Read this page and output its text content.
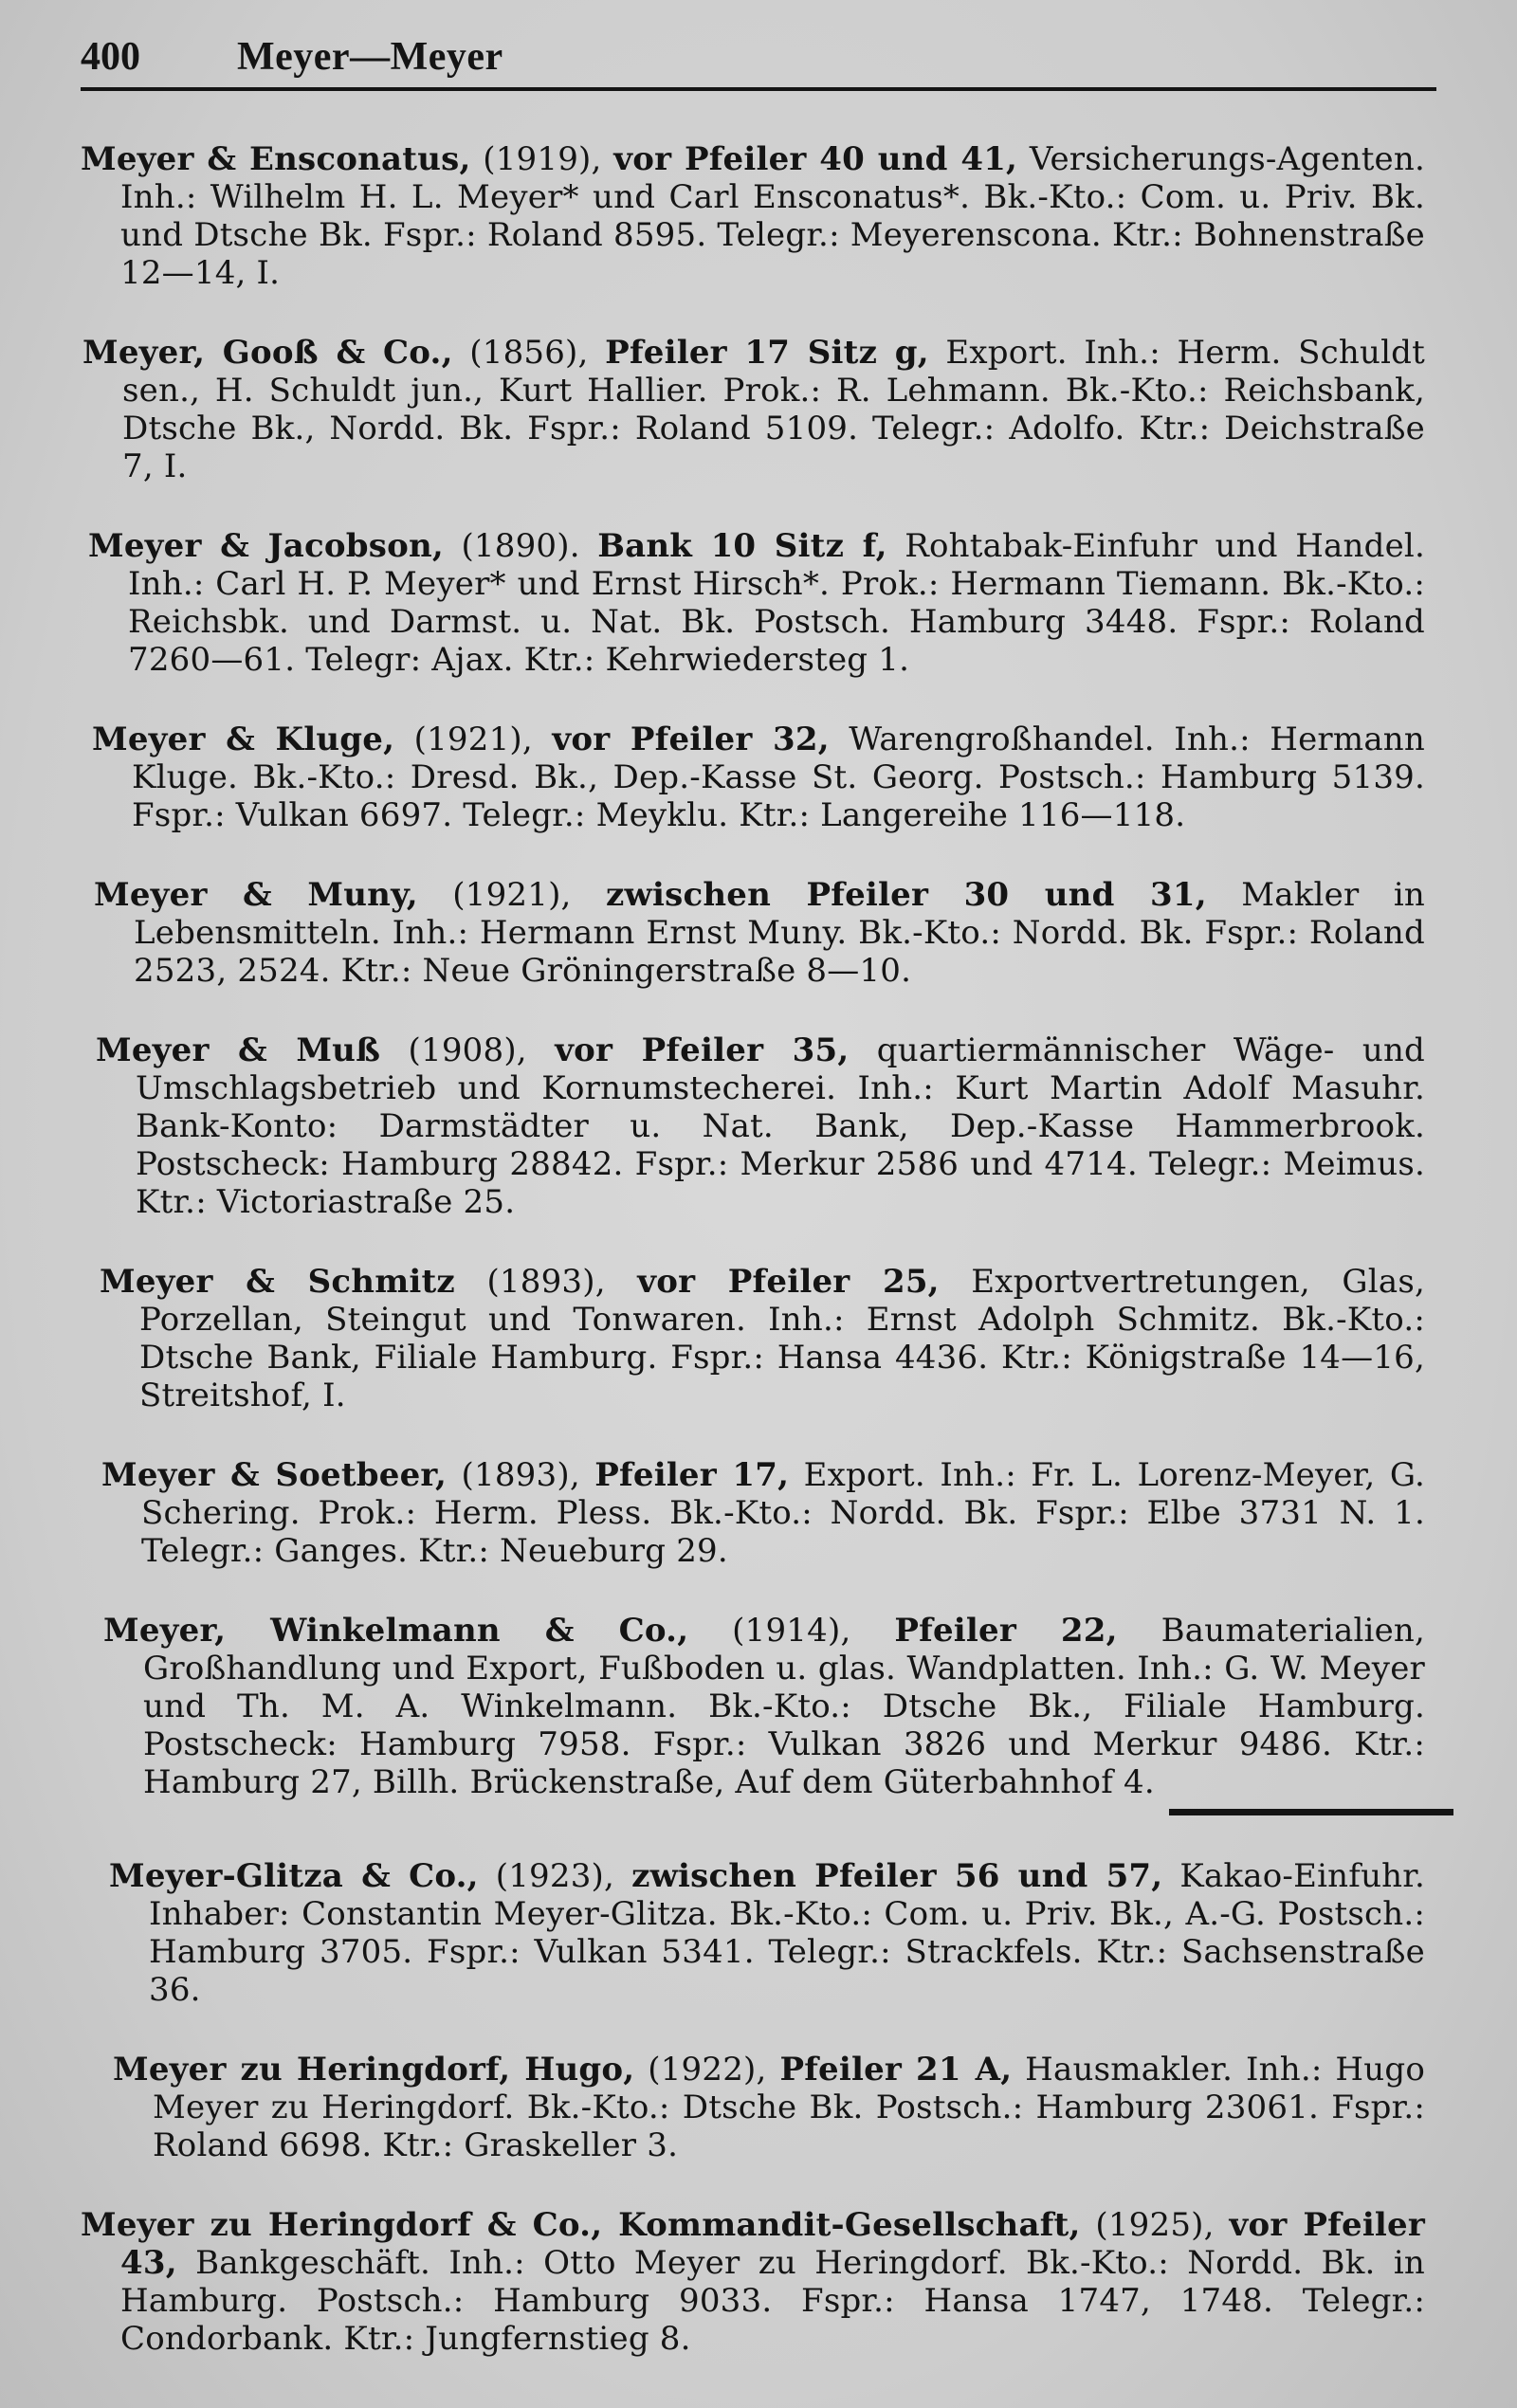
400	Meyer—Meyer

Meyer & Ensconatus, (1919), vor Pfeiler 40 und 41, Versicherungs-Agenten. Inh.: Wilhelm H. L. Meyer* und Carl Ensconatus*. Bk.-Kto.: Com. u. Priv. Bk. und Dtsche Bk. Fspr.: Roland 8595. Telegr.: Meyerenscona. Ktr.: Bohnenstraße 12—14, I.

Meyer, Gooß & Co., (1856), Pfeiler 17 Sitz g, Export. Inh.: Herm. Schuldt sen., H. Schuldt jun., Kurt Hallier. Prok.: R. Lehmann. Bk.-Kto.: Reichsbank, Dtsche Bk., Nordd. Bk. Fspr.: Roland 5109. Telegr.: Adolfo. Ktr.: Deichstraße 7, I.

Meyer & Jacobson, (1890). Bank 10 Sitz f, Rohtabak-Einfuhr und Handel. Inh.: Carl H. P. Meyer* und Ernst Hirsch*. Prok.: Hermann Tiemann. Bk.-Kto.: Reichsbk. und Darmst. u. Nat. Bk. Postsch. Hamburg 3448. Fspr.: Roland 7260—61. Telegr: Ajax. Ktr.: Kehrwiedersteg 1.

Meyer & Kluge, (1921), vor Pfeiler 32, Warengroßhandel. Inh.: Hermann Kluge. Bk.-Kto.: Dresd. Bk., Dep.-Kasse St. Georg. Postsch.: Hamburg 5139. Fspr.: Vulkan 6697. Telegr.: Meyklu. Ktr.: Langereihe 116—118.

Meyer & Muny, (1921), zwischen Pfeiler 30 und 31, Makler in Lebensmitteln. Inh.: Hermann Ernst Muny. Bk.-Kto.: Nordd. Bk. Fspr.: Roland 2523, 2524. Ktr.: Neue Gröningerstraße 8—10.

Meyer & Muß (1908), vor Pfeiler 35, quartiermännischer Wäge- und Umschlagsbetrieb und Kornumstecherei. Inh.: Kurt Martin Adolf Masuhr. Bank-Konto: Darmstädter u. Nat. Bank, Dep.-Kasse Hammerbrook. Postscheck: Hamburg 28842. Fspr.: Merkur 2586 und 4714. Telegr.: Meimus. Ktr.: Victoriastraße 25.

Meyer & Schmitz (1893), vor Pfeiler 25, Exportvertretungen, Glas, Porzellan, Steingut und Tonwaren. Inh.: Ernst Adolph Schmitz. Bk.-Kto.: Dtsche Bank, Filiale Hamburg. Fspr.: Hansa 4436. Ktr.: Königstraße 14—16, Streitshof, I.

Meyer & Soetbeer, (1893), Pfeiler 17, Export. Inh.: Fr. L. Lorenz-Meyer, G. Schering. Prok.: Herm. Pless. Bk.-Kto.: Nordd. Bk. Fspr.: Elbe 3731 N. 1. Telegr.: Ganges. Ktr.: Neueburg 29.

Meyer, Winkelmann & Co., (1914), Pfeiler 22, Baumaterialien, Großhandlung und Export, Fußboden u. glas. Wandplatten. Inh.: G. W. Meyer und Th. M. A. Winkelmann. Bk.-Kto.: Dtsche Bk., Filiale Hamburg. Postscheck: Hamburg 7958. Fspr.: Vulkan 3826 und Merkur 9486. Ktr.: Hamburg 27, Billh. Brückenstraße, Auf dem Güterbahnhof 4.

Meyer-Glitza & Co., (1923), zwischen Pfeiler 56 und 57, Kakao-Einfuhr. Inhaber: Constantin Meyer-Glitza. Bk.-Kto.: Com. u. Priv. Bk., A.-G. Postsch.: Hamburg 3705. Fspr.: Vulkan 5341. Telegr.: Strackfels. Ktr.: Sachsenstraße 36.

Meyer zu Heringdorf, Hugo, (1922), Pfeiler 21 A, Hausmakler. Inh.: Hugo Meyer zu Heringdorf. Bk.-Kto.: Dtsche Bk. Postsch.: Hamburg 23061. Fspr.: Roland 6698. Ktr.: Graskeller 3.

Meyer zu Heringdorf & Co., Kommandit-Gesellschaft, (1925), vor Pfeiler 43, Bankgeschäft. Inh.: Otto Meyer zu Heringdorf. Bk.-Kto.: Nordd. Bk. in Hamburg. Postsch.: Hamburg 9033. Fspr.: Hansa 1747, 1748. Telegr.: Condorbank. Ktr.: Jungfernstieg 8.
